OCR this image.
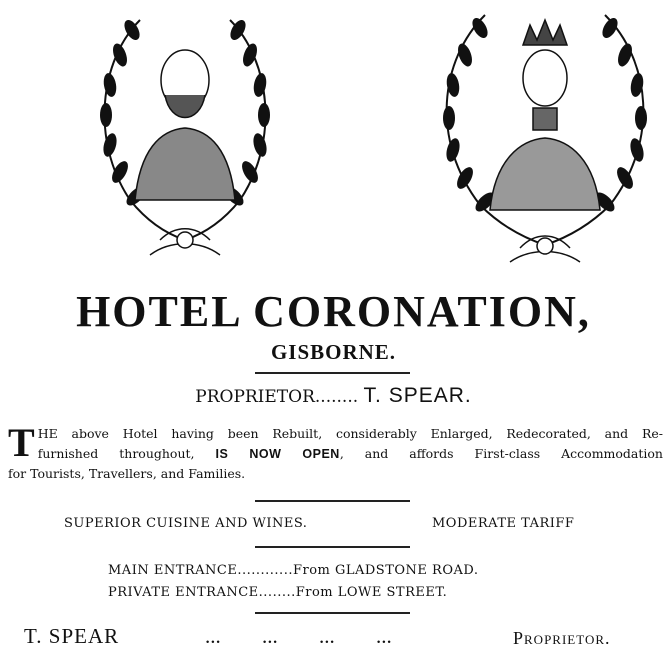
HOTEL CORONATION,
GISBORNE.
PROPRIETOR........ T. SPEAR.
T HE above Hotel having been Rebuilt, considerably Enlarged, Redecorated, and Re-
furnished throughout, IS NOW OPEN, and affords First-class Accommodation
for Tourists, Travellers, and Families.
SUPERIOR CUISINE AND WINES.	MODERATE TARIFF
MAIN ENTRANCE............From GLADSTONE ROAD.
PRIVATE ENTRANCE........From LOWE STREET.
T. SPEAR	... ... ... ...	Proprietor.
